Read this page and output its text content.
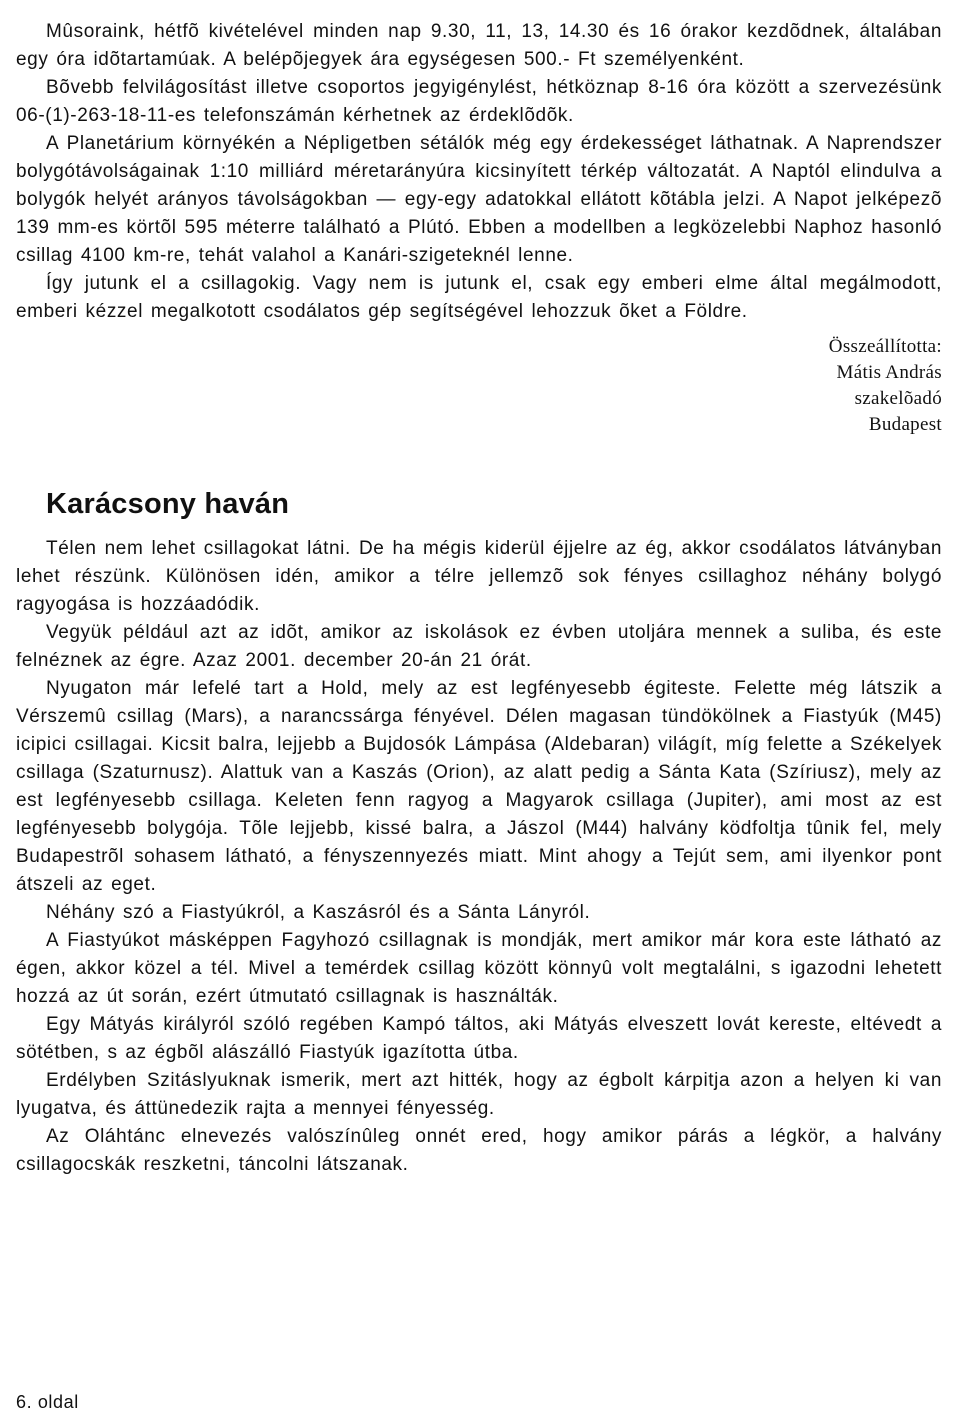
Mûsoraink, hétfõ kivételével minden nap 9.30, 11, 13, 14.30 és 16 órakor kezdõdnek, általában egy óra idõtartamúak. A belépõjegyek ára egységesen 500.- Ft személyenként.

Bõvebb felvilágosítást illetve csoportos jegyigénylést, hétköznap 8-16 óra között a szervezésünk 06-(1)-263-18-11-es telefonszámán kérhetnek az érdeklõdõk.

A Planetárium környékén a Népligetben sétálók még egy érdekességet láthatnak. A Naprendszer bolygótávolságainak 1:10 milliárd méretarányúra kicsinyített térkép változatát. A Naptól elindulva a bolygók helyét arányos távolságokban — egy-egy adatokkal ellátott kõtábla jelzi. A Napot jelképezõ 139 mm-es körtõl 595 méterre található a Plútó. Ebben a modellben a legközelebbi Naphoz hasonló csillag 4100 km-re, tehát valahol a Kanári-szigeteknél lenne.

Így jutunk el a csillagokig. Vagy nem is jutunk el, csak egy emberi elme által megálmodott, emberi kézzel megalkotott csodálatos gép segítségével lehozzuk õket a Földre.

Összeállította:
Mátis András
szakelõadó
Budapest
Karácsony haván

Télen nem lehet csillagokat látni. De ha mégis kiderül éjjelre az ég, akkor csodálatos látványban lehet részünk. Különösen idén, amikor a télre jellemzõ sok fényes csillaghoz néhány bolygó ragyogása is hozzáadódik.

Vegyük például azt az idõt, amikor az iskolások ez évben utoljára mennek a suliba, és este felnéznek az égre. Azaz 2001. december 20-án 21 órát.

Nyugaton már lefelé tart a Hold, mely az est legfényesebb égiteste. Felette még látszik a Vérszemû csillag (Mars), a narancssárga fényével. Délen magasan tündökölnek a Fiastyúk (M45) icipici csillagai. Kicsit balra, lejjebb a Bujdosók Lámpása (Aldebaran) világít, míg felette a Székelyek csillaga (Szaturnusz). Alattuk van a Kaszás (Orion), az alatt pedig a Sánta Kata (Szíriusz), mely az est legfényesebb csillaga. Keleten fenn ragyog a Magyarok csillaga (Jupiter), ami most az est legfényesebb bolygója. Tõle lejjebb, kissé balra, a Jászol (M44) halvány ködfoltja tûnik fel, mely Budapestrõl sohasem látható, a fényszennyezés miatt. Mint ahogy a Tejút sem, ami ilyenkor pont átszeli az eget.

Néhány szó a Fiastyúkról, a Kaszásról és a Sánta Lányról.

A Fiastyúkot másképpen Fagyhozó csillagnak is mondják, mert amikor már kora este látható az égen, akkor közel a tél. Mivel a temérdek csillag között könnyû volt megtalálni, s igazodni lehetett hozzá az út során, ezért útmutató csillagnak is használták.

Egy Mátyás királyról szóló regében Kampó táltos, aki Mátyás elveszett lovát kereste, eltévedt a sötétben, s az égbõl alászálló Fiastyúk igazította útba.

Erdélyben Szitáslyuknak ismerik, mert azt hitték, hogy az égbolt kárpitja azon a helyen ki van lyugatva, és áttünedezik rajta a mennyei fényesség.

Az Oláhtánc elnevezés valószínûleg onnét ered, hogy amikor párás a légkör, a halvány csillagocskák reszketni, táncolni látszanak.

6. oldal
